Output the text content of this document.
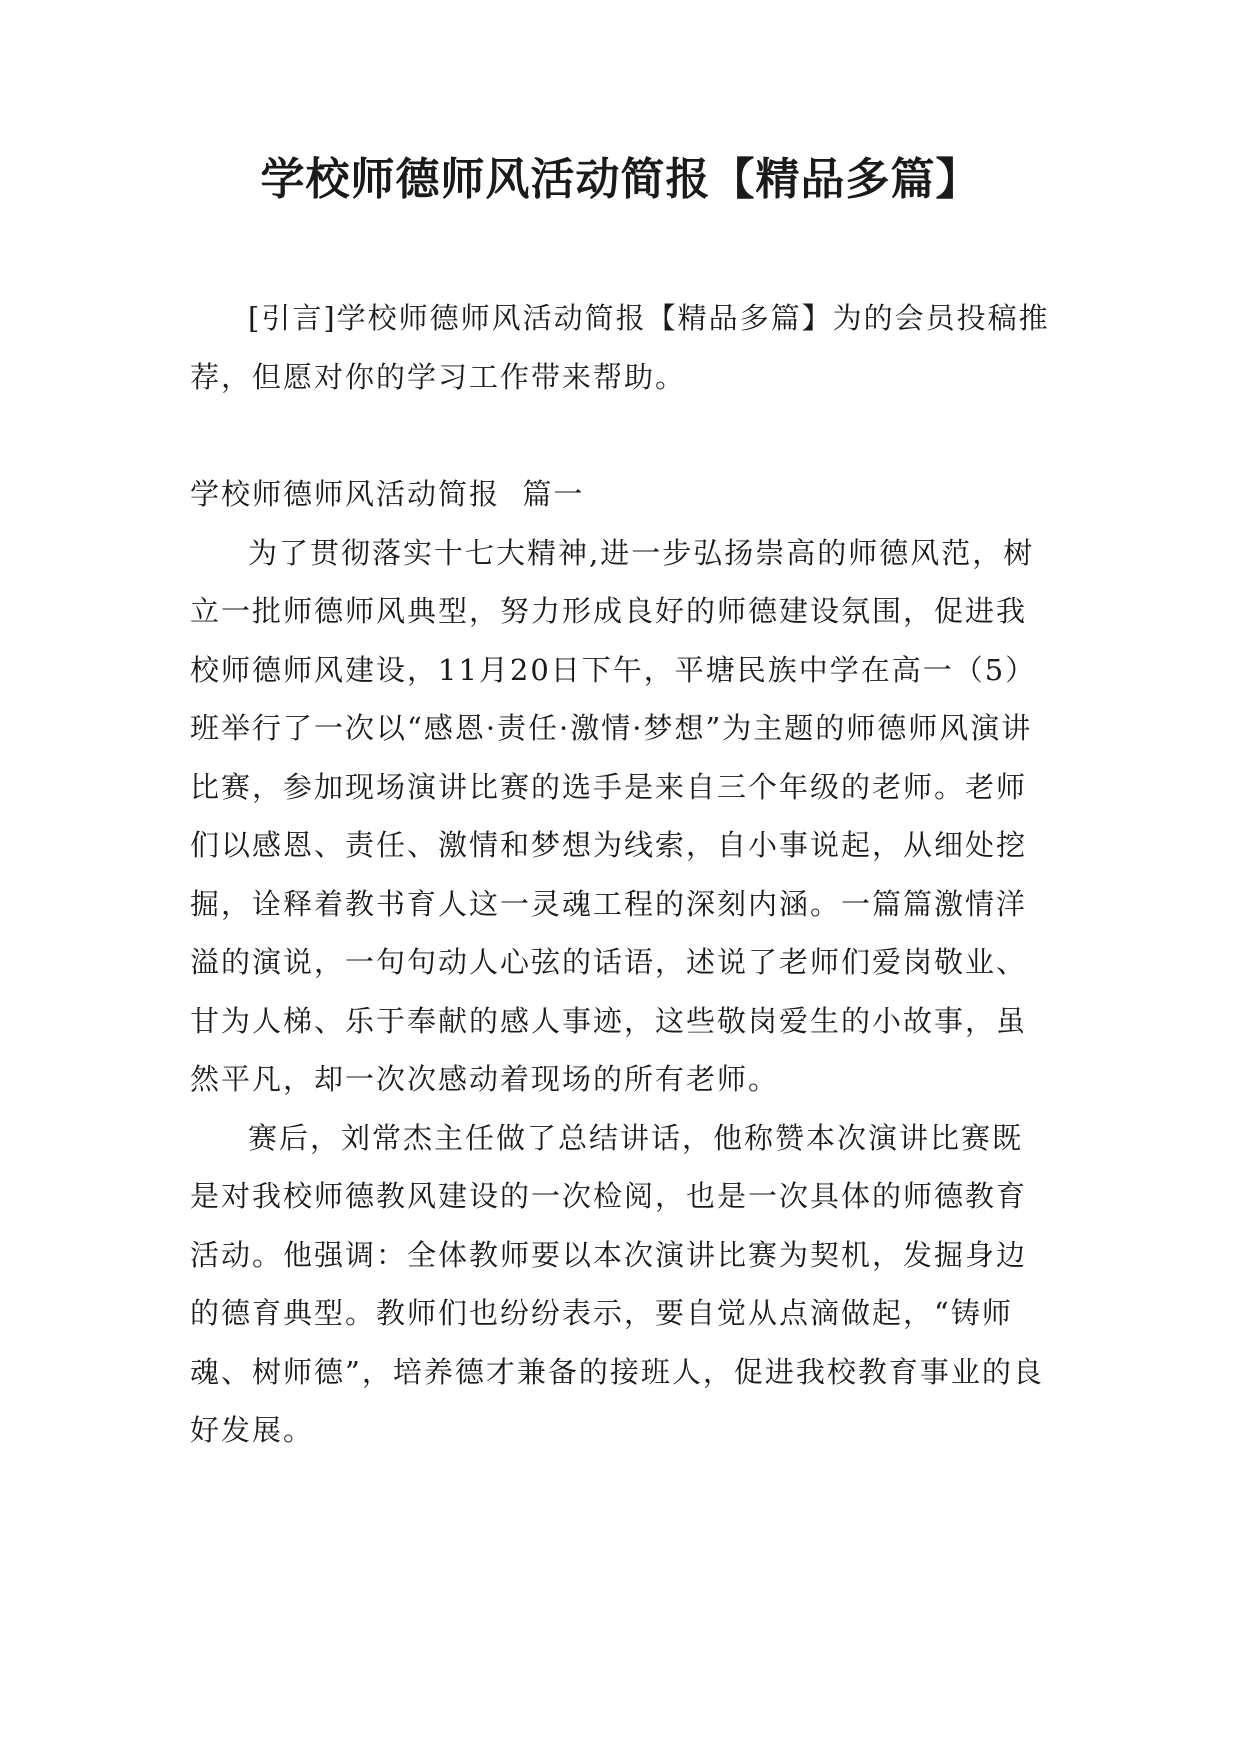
学校师德师风活动简报【精品多篇】

[引言]学校师德师风活动简报【精品多篇】为的会员投稿推荐，但愿对你的学习工作带来帮助。

学校师德师风活动简报  篇一

为了贯彻落实十七大精神,进一步弘扬崇高的师德风范，树立一批师德师风典型，努力形成良好的师德建设氛围，促进我校师德师风建设，11月20日下午，平塘民族中学在高一（5）班举行了一次以“感恩·责任·激情·梦想”为主题的师德师风演讲比赛，参加现场演讲比赛的选手是来自三个年级的老师。老师们以感恩、责任、激情和梦想为线索，自小事说起，从细处挖掘，诠释着教书育人这一灵魂工程的深刻内涵。一篇篇激情洋溢的演说，一句句动人心弦的话语，述说了老师们爱岗敬业、甘为人梯、乐于奉献的感人事迹，这些敬岗爱生的小故事，虽然平凡，却一次次感动着现场的所有老师。

赛后，刘常杰主任做了总结讲话，他称赞本次演讲比赛既是对我校师德教风建设的一次检阅，也是一次具体的师德教育活动。他强调：全体教师要以本次演讲比赛为契机，发掘身边的德育典型。教师们也纷纷表示，要自觉从点滴做起，“铸师魂、树师德”，培养德才兼备的接班人，促进我校教育事业的良好发展。
